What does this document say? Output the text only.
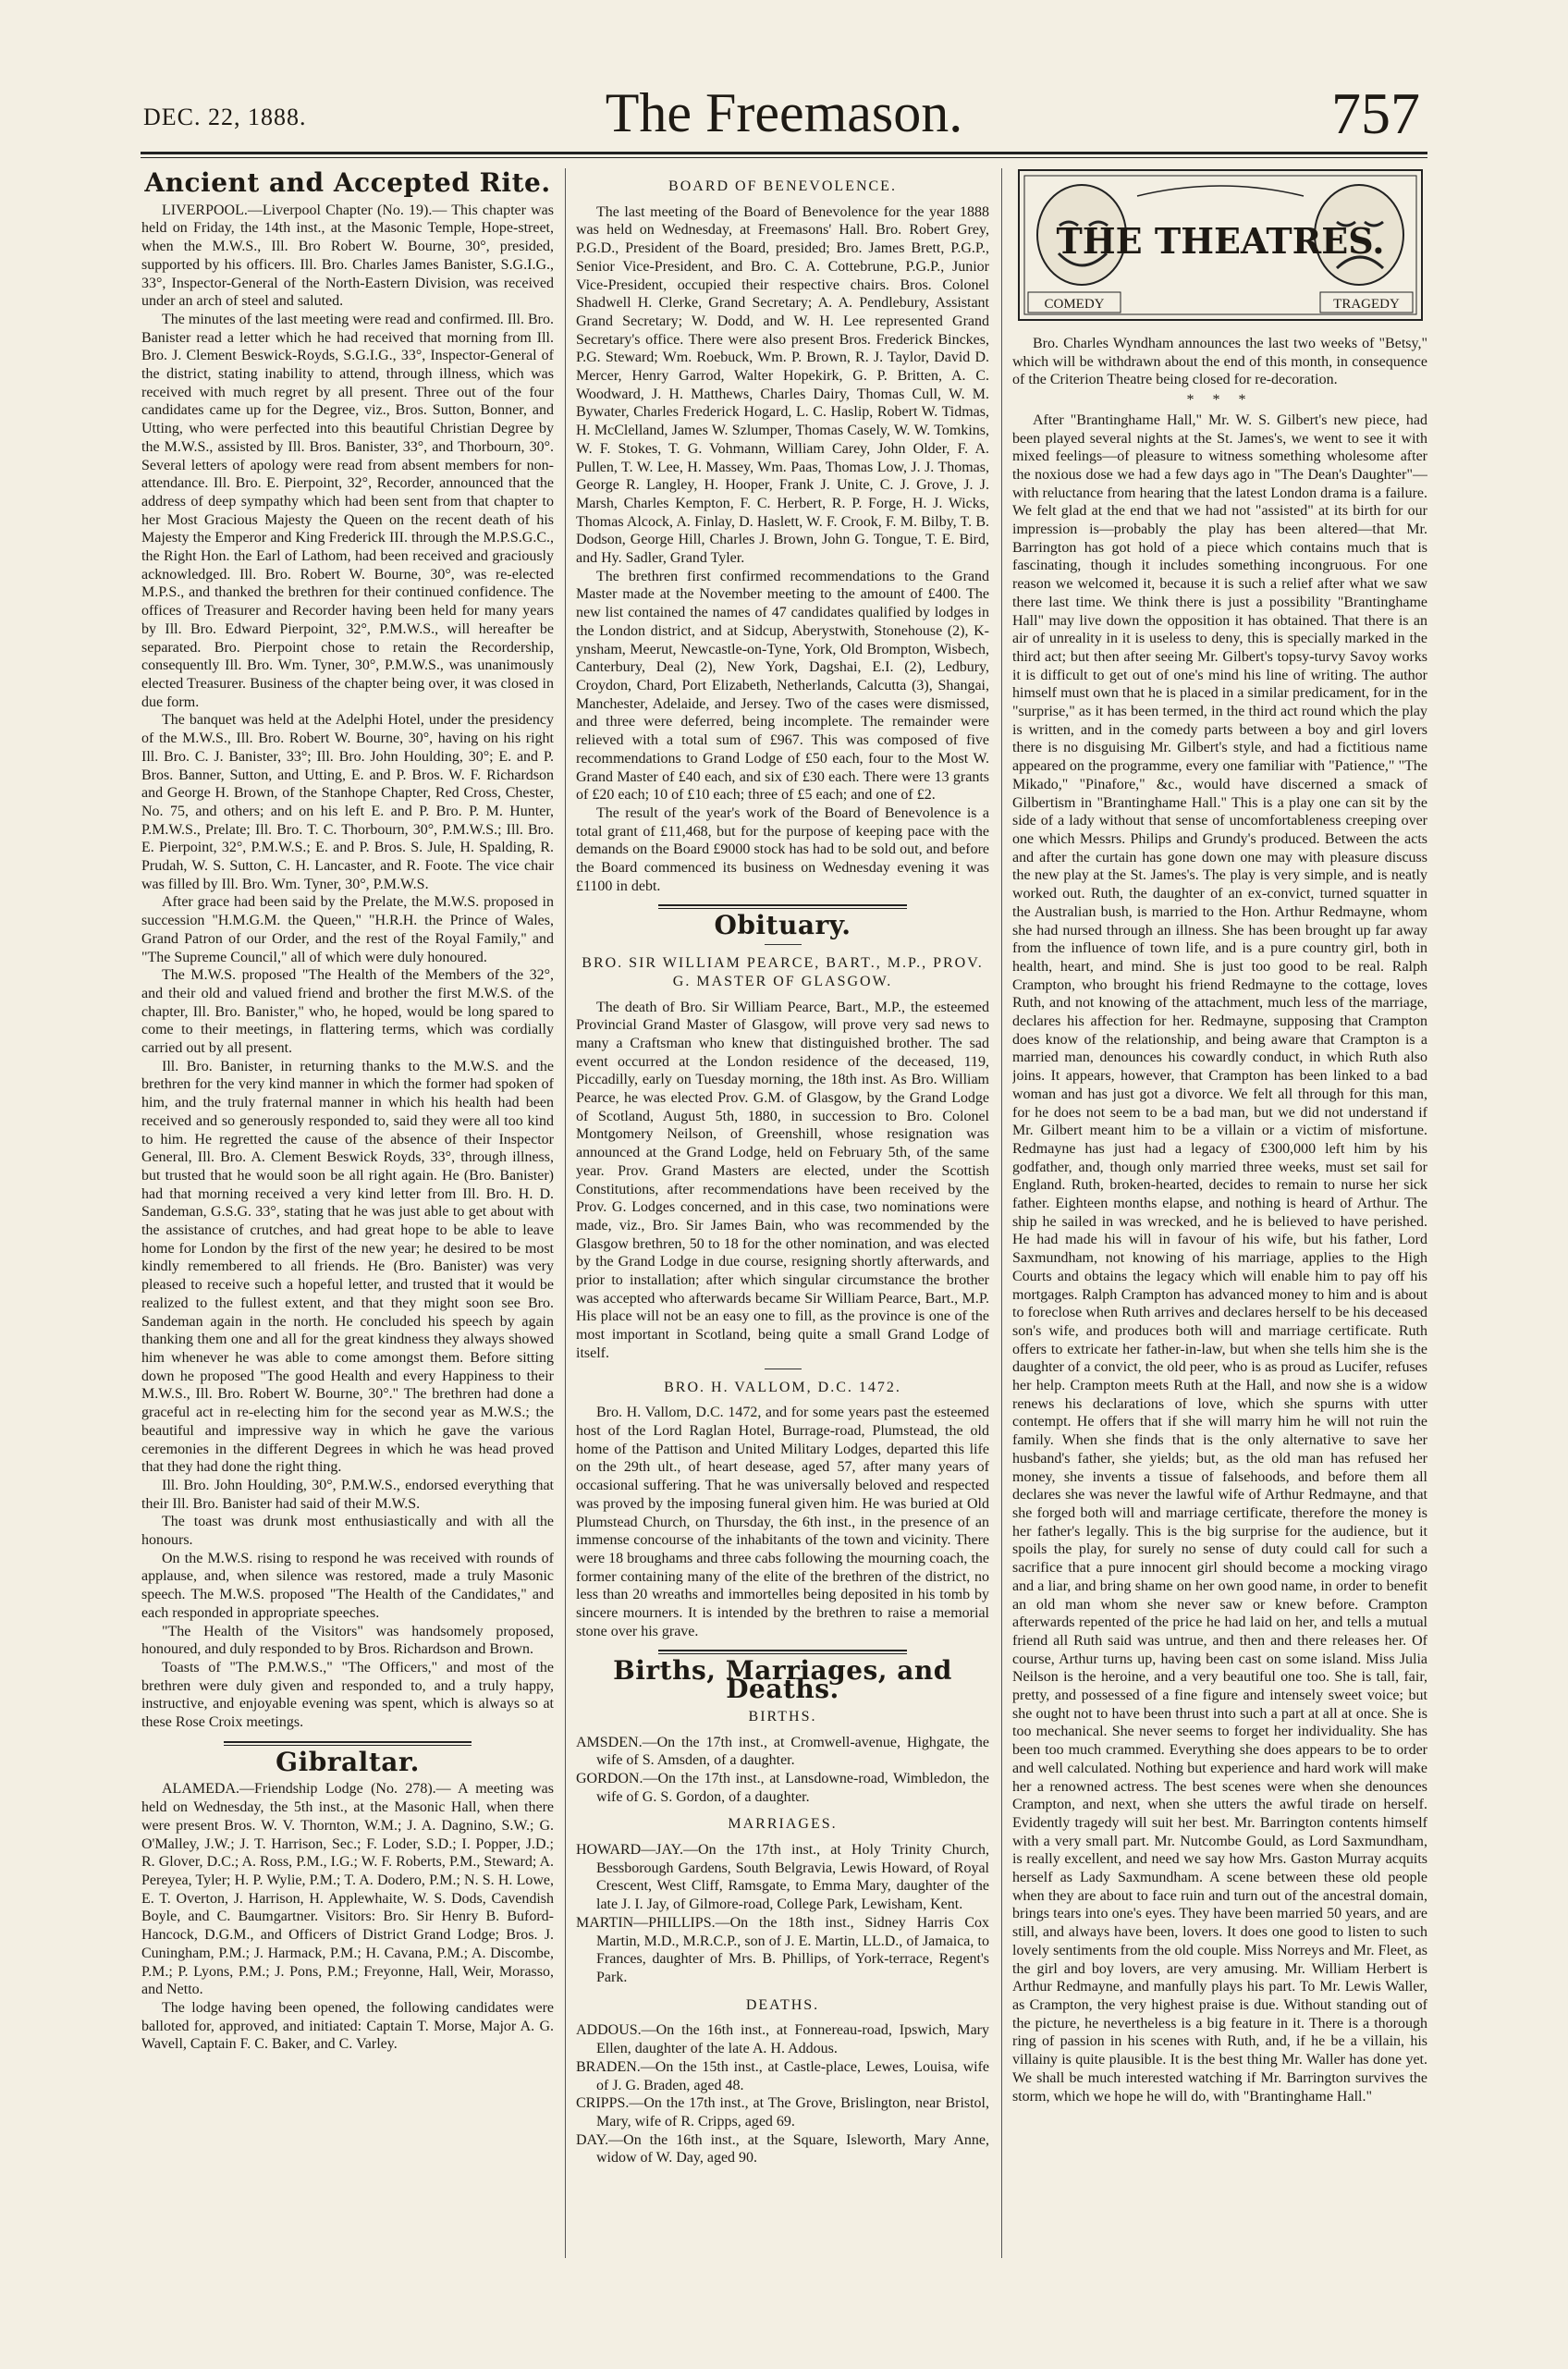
DEC. 22, 1888.	The Freemason.	757
Ancient and Accepted Rite.

LIVERPOOL.—Liverpool Chapter (No. 19).— This chapter was held on Friday, the 14th inst., at the Masonic Temple, Hope-street, when the M.W.S., Ill. Bro Robert W. Bourne, 30°, presided, supported by his officers. Ill. Bro. Charles James Banister, S.G.I.G., 33°, Inspector-General of the North-Eastern Division, was received under an arch of steel and saluted.

The minutes of the last meeting were read and confirmed. Ill. Bro. Banister read a letter which he had received that morning from Ill. Bro. J. Clement Beswick-Royds, S.G.I.G., 33°, Inspector-General of the district, stating inability to attend, through illness, which was received with much regret by all present. Three out of the four candidates came up for the Degree, viz., Bros. Sutton, Bonner, and Utting, who were perfected into this beautiful Christian Degree by the M.W.S., assisted by Ill. Bros. Banister, 33°, and Thorbourn, 30°. Several letters of apology were read from absent members for non-attendance. Ill. Bro. E. Pierpoint, 32°, Recorder, announced that the address of deep sympathy which had been sent from that chapter to her Most Gracious Majesty the Queen on the recent death of his Majesty the Emperor and King Frederick III. through the M.P.S.G.C., the Right Hon. the Earl of Lathom, had been received and graciously acknowledged. Ill. Bro. Robert W. Bourne, 30°, was re-elected M.P.S., and thanked the brethren for their continued confidence. The offices of Treasurer and Recorder having been held for many years by Ill. Bro. Edward Pierpoint, 32°, P.M.W.S., will hereafter be separated. Bro. Pierpoint chose to retain the Recordership, consequently Ill. Bro. Wm. Tyner, 30°, P.M.W.S., was unanimously elected Treasurer. Business of the chapter being over, it was closed in due form.

The banquet was held at the Adelphi Hotel, under the presidency of the M.W.S., Ill. Bro. Robert W. Bourne, 30°, having on his right Ill. Bro. C. J. Banister, 33°; Ill. Bro. John Houlding, 30°; E. and P. Bros. Banner, Sutton, and Utting, E. and P. Bros. W. F. Richardson and George H. Brown, of the Stanhope Chapter, Red Cross, Chester, No. 75, and others; and on his left E. and P. Bro. P. M. Hunter, P.M.W.S., Prelate; Ill. Bro. T. C. Thorbourn, 30°, P.M.W.S.; Ill. Bro. E. Pierpoint, 32°, P.M.W.S.; E. and P. Bros. S. Jule, H. Spalding, R. Prudah, W. S. Sutton, C. H. Lancaster, and R. Foote. The vice chair was filled by Ill. Bro. Wm. Tyner, 30°, P.M.W.S.

After grace had been said by the Prelate, the M.W.S. proposed in succession "H.M.G.M. the Queen," "H.R.H. the Prince of Wales, Grand Patron of our Order, and the rest of the Royal Family," and "The Supreme Council," all of which were duly honoured.

The M.W.S. proposed "The Health of the Members of the 32°, and their old and valued friend and brother the first M.W.S. of the chapter, Ill. Bro. Banister," who, he hoped, would be long spared to come to their meetings, in flattering terms, which was cordially carried out by all present.

Ill. Bro. Banister, in returning thanks to the M.W.S. and the brethren for the very kind manner in which the former had spoken of him, and the truly fraternal manner in which his health had been received and so generously responded to, said they were all too kind to him. He regretted the cause of the absence of their Inspector General, Ill. Bro. A. Clement Beswick Royds, 33°, through illness, but trusted that he would soon be all right again. He (Bro. Banister) had that morning received a very kind letter from Ill. Bro. H. D. Sandeman, G.S.G. 33°, stating that he was just able to get about with the assistance of crutches, and had great hope to be able to leave home for London by the first of the new year; he desired to be most kindly remembered to all friends. He (Bro. Banister) was very pleased to receive such a hopeful letter, and trusted that it would be realized to the fullest extent, and that they might soon see Bro. Sandeman again in the north. He concluded his speech by again thanking them one and all for the great kindness they always showed him whenever he was able to come amongst them. Before sitting down he proposed "The good Health and every Happiness to their M.W.S., Ill. Bro. Robert W. Bourne, 30°." The brethren had done a graceful act in re-electing him for the second year as M.W.S.; the beautiful and impressive way in which he gave the various ceremonies in the different Degrees in which he was head proved that they had done the right thing.

Ill. Bro. John Houlding, 30°, P.M.W.S., endorsed everything that their Ill. Bro. Banister had said of their M.W.S.

The toast was drunk most enthusiastically and with all the honours.

On the M.W.S. rising to respond he was received with rounds of applause, and, when silence was restored, made a truly Masonic speech. The M.W.S. proposed "The Health of the Candidates," and each responded in appropriate speeches.

"The Health of the Visitors" was handsomely proposed, honoured, and duly responded to by Bros. Richardson and Brown.

Toasts of "The P.M.W.S.," "The Officers," and most of the brethren were duly given and responded to, and a truly happy, instructive, and enjoyable evening was spent, which is always so at these Rose Croix meetings.

Gibraltar.

ALAMEDA.—Friendship Lodge (No. 278).— A meeting was held on Wednesday, the 5th inst., at the Masonic Hall, when there were present Bros. W. V. Thornton, W.M.; J. A. Dagnino, S.W.; G. O'Malley, J.W.; J. T. Harrison, Sec.; F. Loder, S.D.; I. Popper, J.D.; R. Glover, D.C.; A. Ross, P.M., I.G.; W. F. Roberts, P.M., Steward; A. Pereyea, Tyler; H. P. Wylie, P.M.; T. A. Dodero, P.M.; N. S. H. Lowe, E. T. Overton, J. Harrison, H. Applewhaite, W. S. Dods, Cavendish Boyle, and C. Baumgartner. Visitors: Bro. Sir Henry B. Buford-Hancock, D.G.M., and Officers of District Grand Lodge; Bros. J. Cuningham, P.M.; J. Harmack, P.M.; H. Cavana, P.M.; A. Discombe, P.M.; P. Lyons, P.M.; J. Pons, P.M.; Freyonne, Hall, Weir, Morasso, and Netto.

The lodge having been opened, the following candidates were balloted for, approved, and initiated: Captain T. Morse, Major A. G. Wavell, Captain F. C. Baker, and C. Varley.

BOARD OF BENEVOLENCE.

The last meeting of the Board of Benevolence for the year 1888 was held on Wednesday, at Freemasons' Hall. Bro. Robert Grey, P.G.D., President of the Board, presided; Bro. James Brett, P.G.P., Senior Vice-President, and Bro. C. A. Cottebrune, P.G.P., Junior Vice-President, occupied their respective chairs. Bros. Colonel Shadwell H. Clerke, Grand Secretary; A. A. Pendlebury, Assistant Grand Secretary; W. Dodd, and W. H. Lee represented Grand Secretary's office. There were also present Bros. Frederick Binckes, P.G. Steward; Wm. Roebuck, Wm. P. Brown, R. J. Taylor, David D. Mercer, Henry Garrod, Walter Hopekirk, G. P. Britten, A. C. Woodward, J. H. Matthews, Charles Dairy, Thomas Cull, W. M. Bywater, Charles Frederick Hogard, L. C. Haslip, Robert W. Tidmas, H. McClelland, James W. Szlumper, Thomas Casely, W. W. Tomkins, W. F. Stokes, T. G. Vohmann, William Carey, John Older, F. A. Pullen, T. W. Lee, H. Massey, Wm. Paas, Thomas Low, J. J. Thomas, George R. Langley, H. Hooper, Frank J. Unite, C. J. Grove, J. J. Marsh, Charles Kempton, F. C. Herbert, R. P. Forge, H. J. Wicks, Thomas Alcock, A. Finlay, D. Haslett, W. F. Crook, F. M. Bilby, T. B. Dodson, George Hill, Charles J. Brown, John G. Tongue, T. E. Bird, and Hy. Sadler, Grand Tyler.

The brethren first confirmed recommendations to the Grand Master made at the November meeting to the amount of £400. The new list contained the names of 47 candidates qualified by lodges in the London district, and at Sidcup, Aberystwith, Stonehouse (2), K-ynsham, Meerut, Newcastle-on-Tyne, York, Old Brompton, Wisbech, Canterbury, Deal (2), New York, Dagshai, E.I. (2), Ledbury, Croydon, Chard, Port Elizabeth, Netherlands, Calcutta (3), Shangai, Manchester, Adelaide, and Jersey. Two of the cases were dismissed, and three were deferred, being incomplete. The remainder were relieved with a total sum of £967. This was composed of five recommendations to Grand Lodge of £50 each, four to the Most W. Grand Master of £40 each, and six of £30 each. There were 13 grants of £20 each; 10 of £10 each; three of £5 each; and one of £2.

The result of the year's work of the Board of Benevolence is a total grant of £11,468, but for the purpose of keeping pace with the demands on the Board £9000 stock has had to be sold out, and before the Board commenced its business on Wednesday evening it was £1100 in debt.

Obituary.
BRO. SIR WILLIAM PEARCE, BART., M.P., PROV. G. MASTER OF GLASGOW.

The death of Bro. Sir William Pearce, Bart., M.P., the esteemed Provincial Grand Master of Glasgow, will prove very sad news to many a Craftsman who knew that distinguished brother. The sad event occurred at the London residence of the deceased, 119, Piccadilly, early on Tuesday morning, the 18th inst. As Bro. William Pearce, he was elected Prov. G.M. of Glasgow, by the Grand Lodge of Scotland, August 5th, 1880, in succession to Bro. Colonel Montgomery Neilson, of Greenshill, whose resignation was announced at the Grand Lodge, held on February 5th, of the same year. Prov. Grand Masters are elected, under the Scottish Constitutions, after recommendations have been received by the Prov. G. Lodges concerned, and in this case, two nominations were made, viz., Bro. Sir James Bain, who was recommended by the Glasgow brethren, 50 to 18 for the other nomination, and was elected by the Grand Lodge in due course, resigning shortly afterwards, and prior to installation; after which singular circumstance the brother was accepted who afterwards became Sir William Pearce, Bart., M.P. His place will not be an easy one to fill, as the province is one of the most important in Scotland, being quite a small Grand Lodge of itself.

BRO. H. VALLOM, D.C. 1472.

Bro. H. Vallom, D.C. 1472, and for some years past the esteemed host of the Lord Raglan Hotel, Burrage-road, Plumstead, the old home of the Pattison and United Military Lodges, departed this life on the 29th ult., of heart desease, aged 57, after many years of occasional suffering. That he was universally beloved and respected was proved by the imposing funeral given him. He was buried at Old Plumstead Church, on Thursday, the 6th inst., in the presence of an immense concourse of the inhabitants of the town and vicinity. There were 18 broughams and three cabs following the mourning coach, the former containing many of the elite of the brethren of the district, no less than 20 wreaths and immortelles being deposited in his tomb by sincere mourners. It is intended by the brethren to raise a memorial stone over his grave.

Births, Marriages, and Deaths.
BIRTHS.

AMSDEN.—On the 17th inst., at Cromwell-avenue, Highgate, the wife of S. Amsden, of a daughter.

GORDON.—On the 17th inst., at Lansdowne-road, Wimbledon, the wife of G. S. Gordon, of a daughter.

MARRIAGES.

HOWARD—JAY.—On the 17th inst., at Holy Trinity Church, Bessborough Gardens, South Belgravia, Lewis Howard, of Royal Crescent, West Cliff, Ramsgate, to Emma Mary, daughter of the late J. I. Jay, of Gilmore-road, College Park, Lewisham, Kent.

MARTIN—PHILLIPS.—On the 18th inst., Sidney Harris Cox Martin, M.D., M.R.C.P., son of J. E. Martin, LL.D., of Jamaica, to Frances, daughter of Mrs. B. Phillips, of York-terrace, Regent's Park.

DEATHS.

ADDOUS.—On the 16th inst., at Fonnereau-road, Ipswich, Mary Ellen, daughter of the late A. H. Addous.

BRADEN.—On the 15th inst., at Castle-place, Lewes, Louisa, wife of J. G. Braden, aged 48.

CRIPPS.—On the 17th inst., at The Grove, Brislington, near Bristol, Mary, wife of R. Cripps, aged 69.

DAY.—On the 16th inst., at the Square, Isleworth, Mary Anne, widow of W. Day, aged 90.

THE THEATRES.
COMEDY	TRAGEDY

Bro. Charles Wyndham announces the last two weeks of "Betsy," which will be withdrawn about the end of this month, in consequence of the Criterion Theatre being closed for re-decoration.

* * *

After "Brantinghame Hall," Mr. W. S. Gilbert's new piece, had been played several nights at the St. James's, we went to see it with mixed feelings—of pleasure to witness something wholesome after the noxious dose we had a few days ago in "The Dean's Daughter"—with reluctance from hearing that the latest London drama is a failure. We felt glad at the end that we had not "assisted" at its birth for our impression is—probably the play has been altered—that Mr. Barrington has got hold of a piece which contains much that is fascinating, though it includes something incongruous. For one reason we welcomed it, because it is such a relief after what we saw there last time. We think there is just a possibility "Brantinghame Hall" may live down the opposition it has obtained. That there is an air of unreality in it is useless to deny, this is specially marked in the third act; but then after seeing Mr. Gilbert's topsy-turvy Savoy works it is difficult to get out of one's mind his line of writing. The author himself must own that he is placed in a similar predicament, for in the "surprise," as it has been termed, in the third act round which the play is written, and in the comedy parts between a boy and girl lovers there is no disguising Mr. Gilbert's style, and had a fictitious name appeared on the programme, every one familiar with "Patience," "The Mikado," "Pinafore," &c., would have discerned a smack of Gilbertism in "Brantinghame Hall." This is a play one can sit by the side of a lady without that sense of uncomfortableness creeping over one which Messrs. Philips and Grundy's produced. Between the acts and after the curtain has gone down one may with pleasure discuss the new play at the St. James's. The play is very simple, and is neatly worked out. Ruth, the daughter of an ex-convict, turned squatter in the Australian bush, is married to the Hon. Arthur Redmayne, whom she had nursed through an illness. She has been brought up far away from the influence of town life, and is a pure country girl, both in health, heart, and mind. She is just too good to be real. Ralph Crampton, who brought his friend Redmayne to the cottage, loves Ruth, and not knowing of the attachment, much less of the marriage, declares his affection for her. Redmayne, supposing that Crampton does know of the relationship, and being aware that Crampton is a married man, denounces his cowardly conduct, in which Ruth also joins. It appears, however, that Crampton has been linked to a bad woman and has just got a divorce. We felt all through for this man, for he does not seem to be a bad man, but we did not understand if Mr. Gilbert meant him to be a villain or a victim of misfortune. Redmayne has just had a legacy of £300,000 left him by his godfather, and, though only married three weeks, must set sail for England. Ruth, broken-hearted, decides to remain to nurse her sick father. Eighteen months elapse, and nothing is heard of Arthur. The ship he sailed in was wrecked, and he is believed to have perished. He had made his will in favour of his wife, but his father, Lord Saxmundham, not knowing of his marriage, applies to the High Courts and obtains the legacy which will enable him to pay off his mortgages. Ralph Crampton has advanced money to him and is about to foreclose when Ruth arrives and declares herself to be his deceased son's wife, and produces both will and marriage certificate. Ruth offers to extricate her father-in-law, but when she tells him she is the daughter of a convict, the old peer, who is as proud as Lucifer, refuses her help. Crampton meets Ruth at the Hall, and now she is a widow renews his declarations of love, which she spurns with utter contempt. He offers that if she will marry him he will not ruin the family. When she finds that is the only alternative to save her husband's father, she yields; but, as the old man has refused her money, she invents a tissue of falsehoods, and before them all declares she was never the lawful wife of Arthur Redmayne, and that she forged both will and marriage certificate, therefore the money is her father's legally. This is the big surprise for the audience, but it spoils the play, for surely no sense of duty could call for such a sacrifice that a pure innocent girl should become a mocking virago and a liar, and bring shame on her own good name, in order to benefit an old man whom she never saw or knew before. Crampton afterwards repented of the price he had laid on her, and tells a mutual friend all Ruth said was untrue, and then and there releases her. Of course, Arthur turns up, having been cast on some island. Miss Julia Neilson is the heroine, and a very beautiful one too. She is tall, fair, pretty, and possessed of a fine figure and intensely sweet voice; but she ought not to have been thrust into such a part at all at once. She is too mechanical. She never seems to forget her individuality. She has been too much crammed. Everything she does appears to be to order and well calculated. Nothing but experience and hard work will make her a renowned actress. The best scenes were when she denounces Crampton, and next, when she utters the awful tirade on herself. Evidently tragedy will suit her best. Mr. Barrington contents himself with a very small part. Mr. Nutcombe Gould, as Lord Saxmundham, is really excellent, and need we say how Mrs. Gaston Murray acquits herself as Lady Saxmundham. A scene between these old people when they are about to face ruin and turn out of the ancestral domain, brings tears into one's eyes. They have been married 50 years, and are still, and always have been, lovers. It does one good to listen to such lovely sentiments from the old couple. Miss Norreys and Mr. Fleet, as the girl and boy lovers, are very amusing. Mr. William Herbert is Arthur Redmayne, and manfully plays his part. To Mr. Lewis Waller, as Crampton, the very highest praise is due. Without standing out of the picture, he nevertheless is a big feature in it. There is a thorough ring of passion in his scenes with Ruth, and, if he be a villain, his villainy is quite plausible. It is the best thing Mr. Waller has done yet. We shall be much interested watching if Mr. Barrington survives the storm, which we hope he will do, with "Brantinghame Hall."
